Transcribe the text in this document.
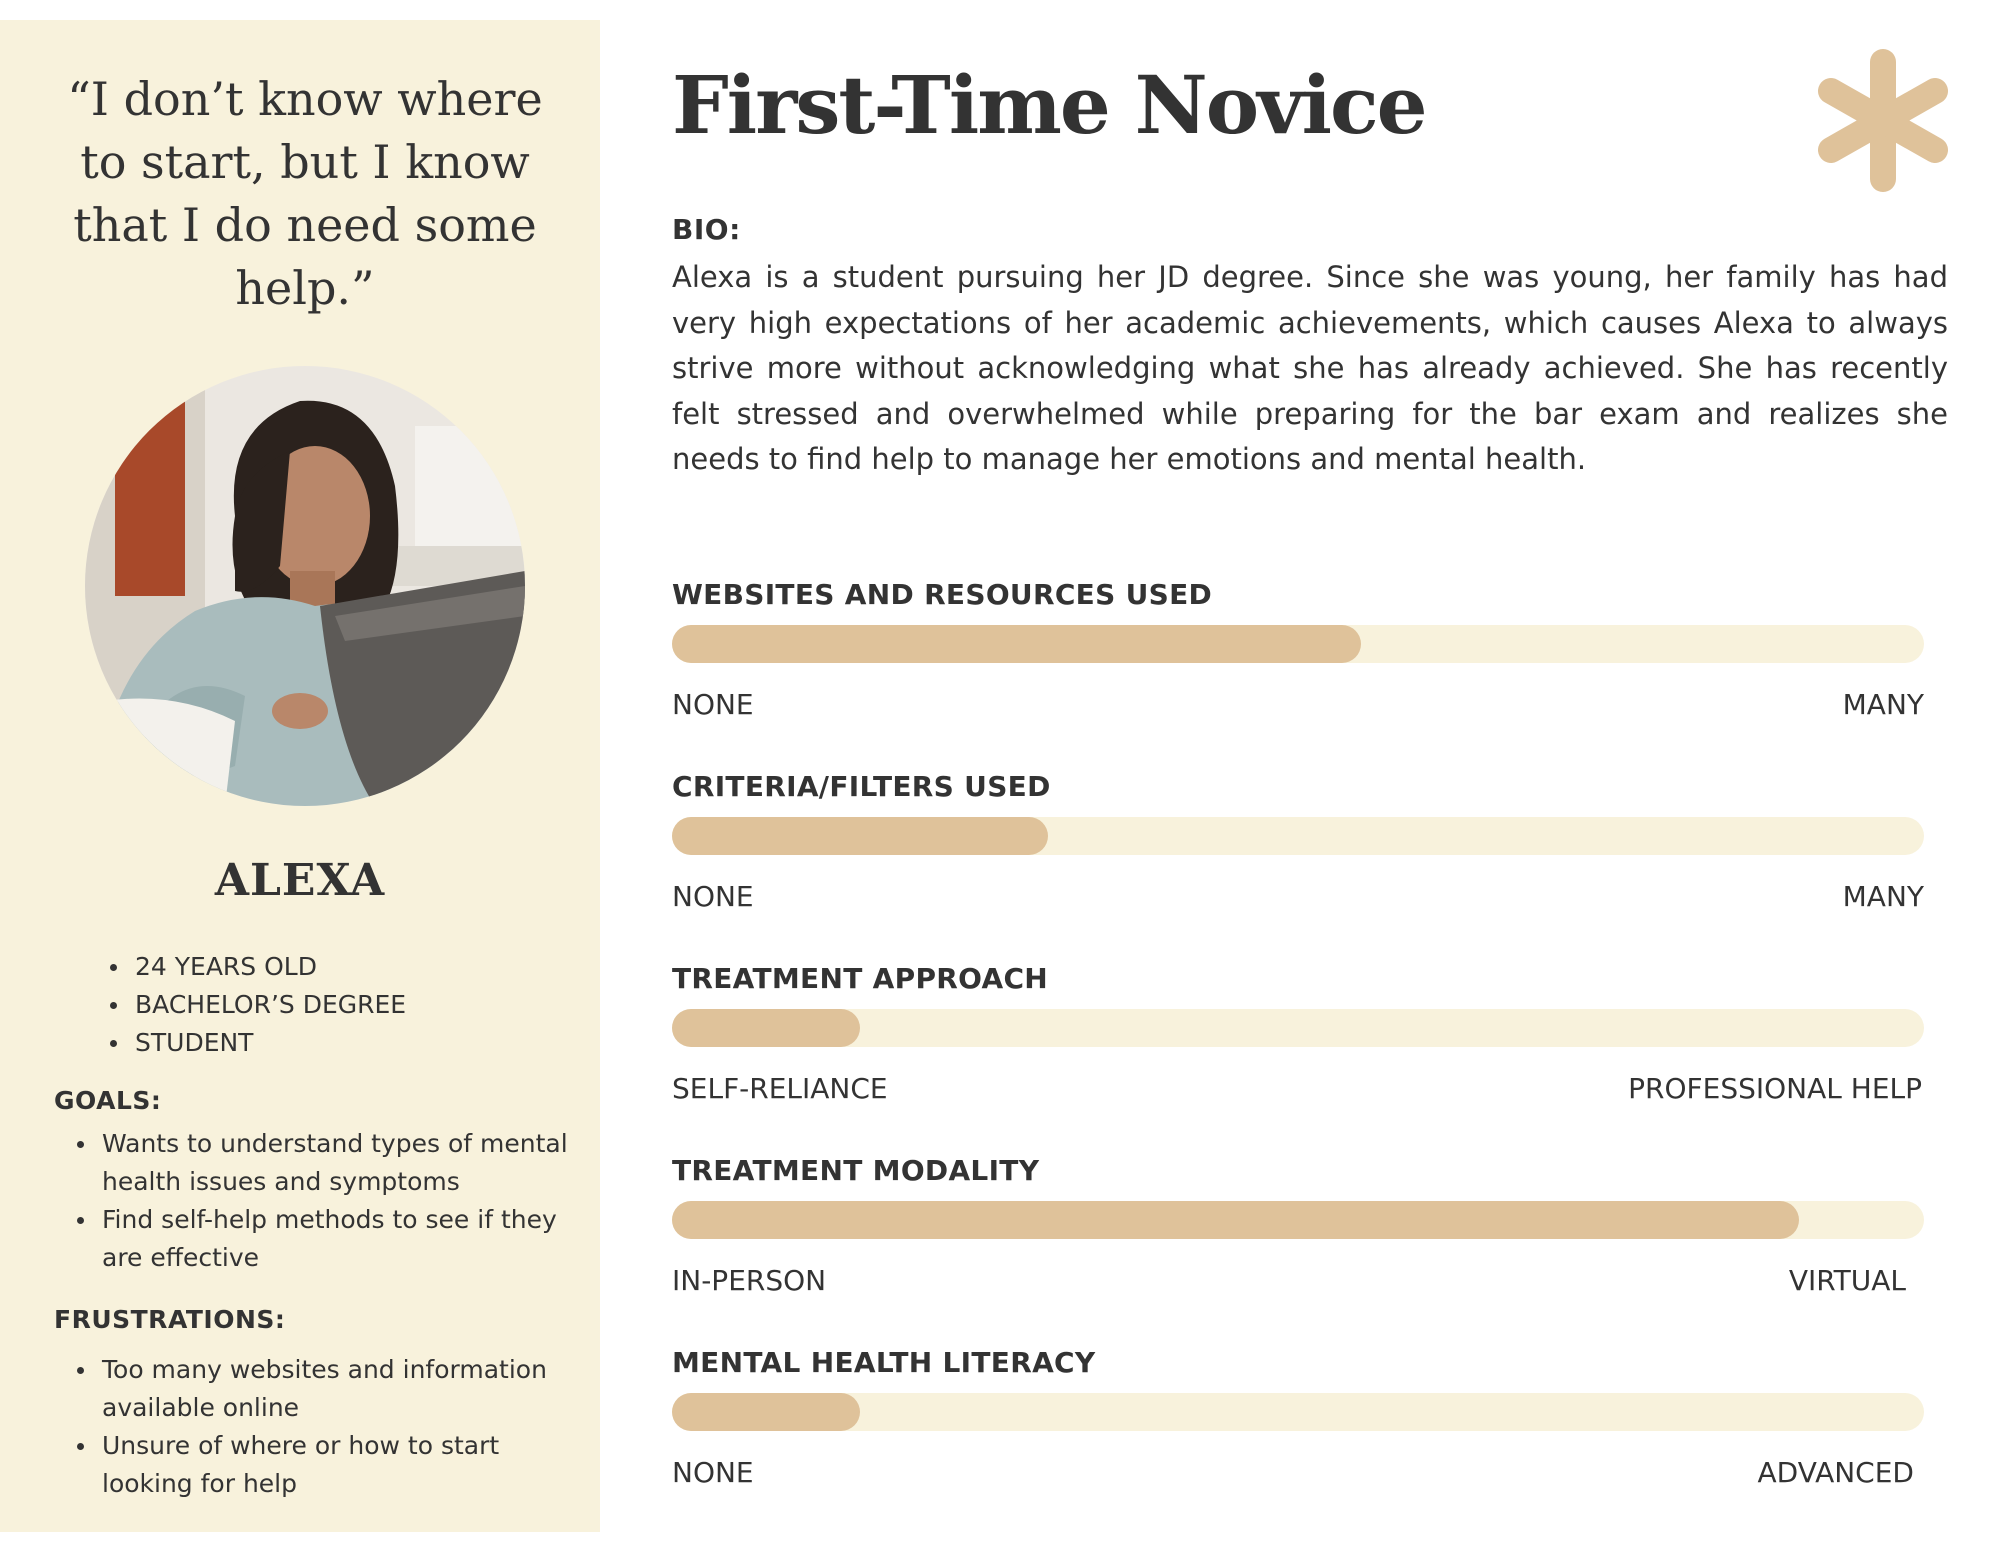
“I don’t know where to start, but I know that I do need some help.”
ALEXA
24 YEARS OLD
BACHELOR’S DEGREE
STUDENT
GOALS:
Wants to understand types of mental health issues and symptoms
Find self-help methods to see if they are effective
FRUSTRATIONS:
Too many websites and information available online
Unsure of where or how to start looking for help
First-Time Novice
BIO:
Alexa is a student pursuing her JD degree. Since she was young, her family has had very high expectations of her academic achievements, which causes Alexa to always strive more without acknowledging what she has already achieved. She has recently felt stressed and overwhelmed while preparing for the bar exam and realizes she needs to find help to manage her emotions and mental health.
WEBSITES AND RESOURCES USED
NONE	MANY
CRITERIA/FILTERS USED
NONE	MANY
TREATMENT APPROACH
SELF-RELIANCE	PROFESSIONAL HELP
TREATMENT MODALITY
IN-PERSON	VIRTUAL
MENTAL HEALTH LITERACY
NONE	ADVANCED
